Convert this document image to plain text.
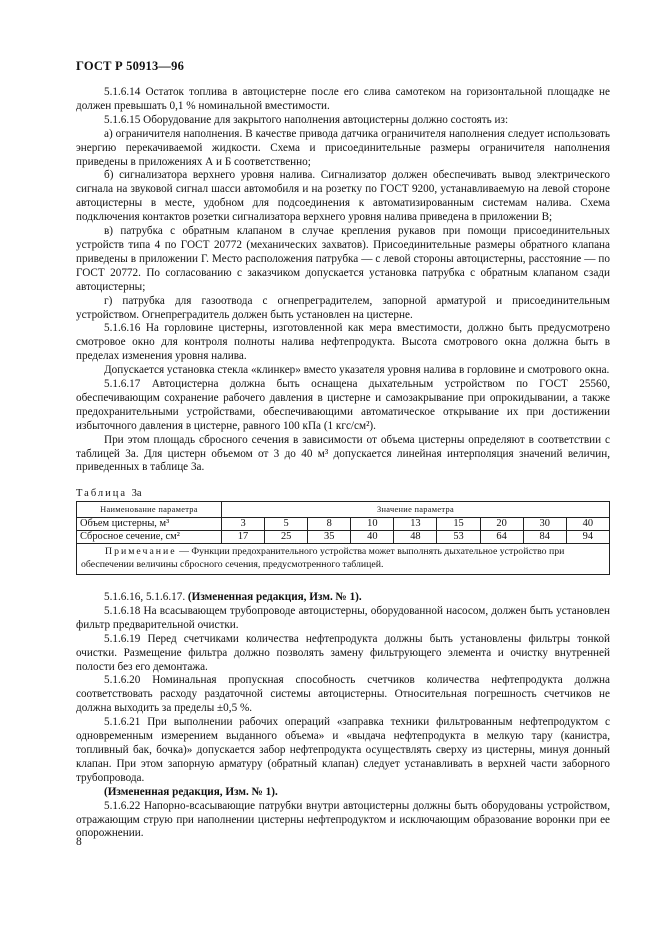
ГОСТ Р 50913—96

5.1.6.14 Остаток топлива в автоцистерне после его слива самотеком на горизонтальной площадке не должен превышать 0,1 % номинальной вместимости.

5.1.6.15 Оборудование для закрытого наполнения автоцистерны должно состоять из:

а) ограничителя наполнения. В качестве привода датчика ограничителя наполнения следует использовать энергию перекачиваемой жидкости. Схема и присоединительные размеры ограничителя наполнения приведены в приложениях А и Б соответственно;

б) сигнализатора верхнего уровня налива. Сигнализатор должен обеспечивать вывод электрического сигнала на звуковой сигнал шасси автомобиля и на розетку по ГОСТ 9200, устанавливаемую на левой стороне автоцистерны в месте, удобном для подсоединения к автоматизированным системам налива. Схема подключения контактов розетки сигнализатора верхнего уровня налива приведена в приложении В;

в) патрубка с обратным клапаном в случае крепления рукавов при помощи присоединительных устройств типа 4 по ГОСТ 20772 (механических захватов). Присоединительные размеры обратного клапана приведены в приложении Г. Место расположения патрубка — с левой стороны автоцистерны, расстояние — по ГОСТ 20772. По согласованию с заказчиком допускается установка патрубка с обратным клапаном сзади автоцистерны;

г) патрубка для газоотвода с огнепреградителем, запорной арматурой и присоединительным устройством. Огнепреградитель должен быть установлен на цистерне.

5.1.6.16 На горловине цистерны, изготовленной как мера вместимости, должно быть предусмотрено смотровое окно для контроля полноты налива нефтепродукта. Высота смотрового окна должна быть в пределах изменения уровня налива.

Допускается установка стекла «клинкер» вместо указателя уровня налива в горловине и смотрового окна.

5.1.6.17 Автоцистерна должна быть оснащена дыхательным устройством по ГОСТ 25560, обеспечивающим сохранение рабочего давления в цистерне и самозакрывание при опрокидывании, а также предохранительными устройствами, обеспечивающими автоматическое открывание их при достижении избыточного давления в цистерне, равного 100 кПа (1 кгс/см²).

При этом площадь сбросного сечения в зависимости от объема цистерны определяют в соответствии с таблицей 3а. Для цистерн объемом от 3 до 40 м³ допускается линейная интерполяция значений величин, приведенных в таблице 3а.

Таблица 3а
Наименование параметра	Значение параметра								
Объем цистерны, м³	3	5	8	10	13	15	20	30	40
Сбросное сечение, см²	17	25	35	40	48	53	64	84	94
Примечание — Функции предохранительного устройства может выполнять дыхательное устройство при обеспечении величины сбросного сечения, предусмотренного таблицей.									

5.1.6.16, 5.1.6.17. (Измененная редакция, Изм. № 1).

5.1.6.18 На всасывающем трубопроводе автоцистерны, оборудованной насосом, должен быть установлен фильтр предварительной очистки.

5.1.6.19 Перед счетчиками количества нефтепродукта должны быть установлены фильтры тонкой очистки. Размещение фильтра должно позволять замену фильтрующего элемента и очистку внутренней полости без его демонтажа.

5.1.6.20 Номинальная пропускная способность счетчиков количества нефтепродукта должна соответствовать расходу раздаточной системы автоцистерны. Относительная погрешность счетчиков не должна выходить за пределы ±0,5 %.

5.1.6.21 При выполнении рабочих операций «заправка техники фильтрованным нефтепродуктом с одновременным измерением выданного объема» и «выдача нефтепродукта в мелкую тару (канистра, топливный бак, бочка)» допускается забор нефтепродукта осуществлять сверху из цистерны, минуя донный клапан. При этом запорную арматуру (обратный клапан) следует устанавливать в верхней части заборного трубопровода.

(Измененная редакция, Изм. № 1).

5.1.6.22 Напорно-всасывающие патрубки внутри автоцистерны должны быть оборудованы устройством, отражающим струю при наполнении цистерны нефтепродуктом и исключающим образование воронки при ее опорожнении.

8
